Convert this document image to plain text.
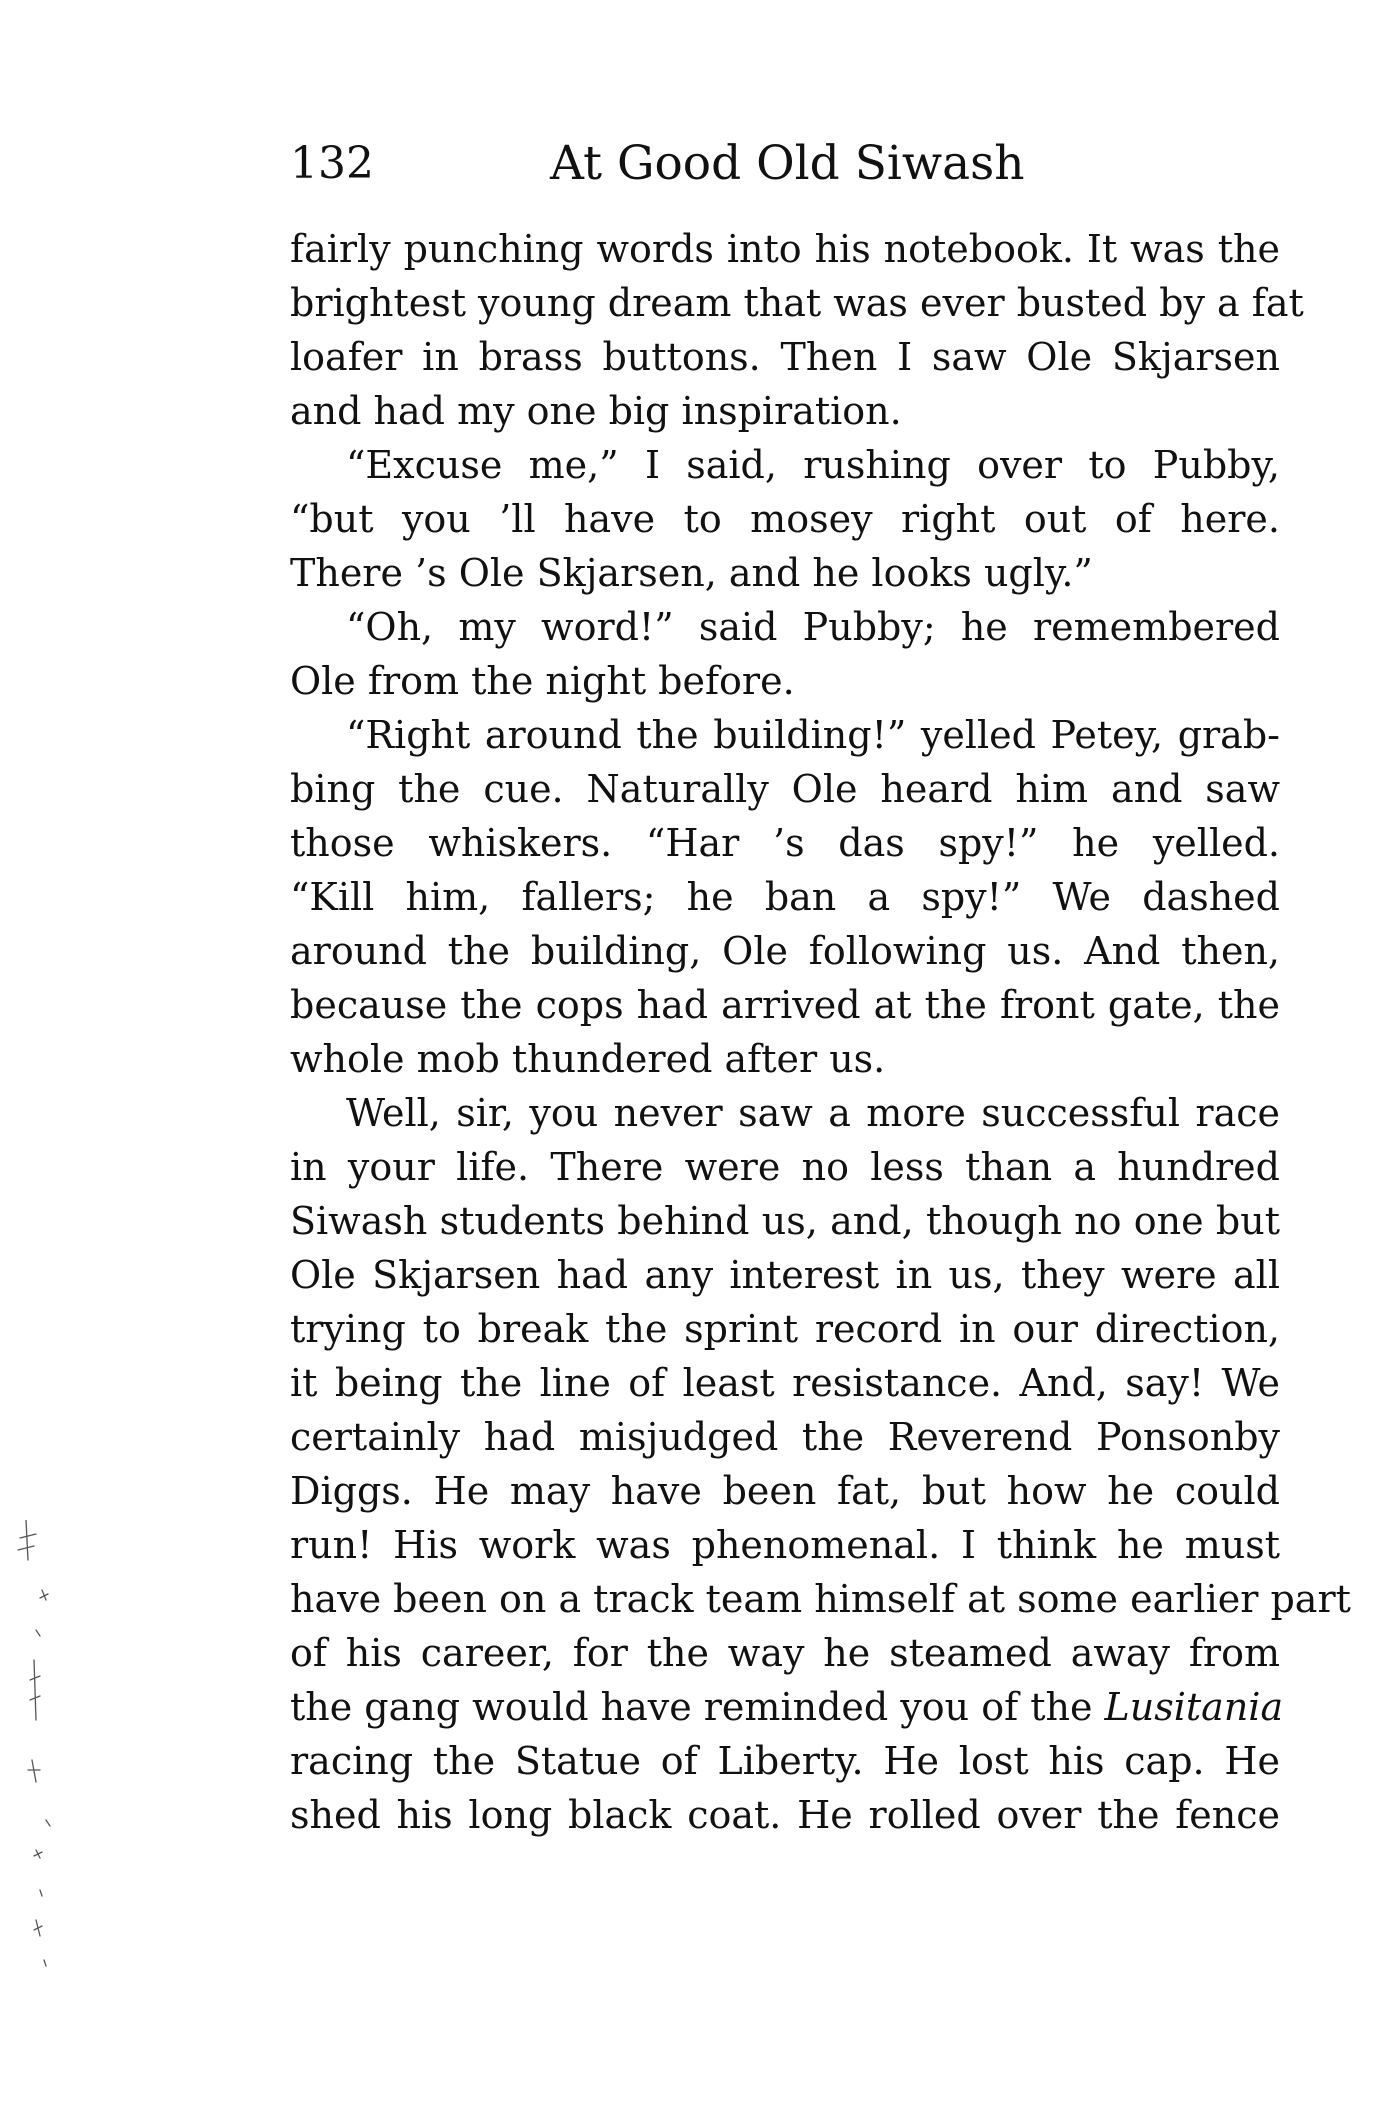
132	At Good Old Siwash
fairly punching words into his notebook. It was the
brightest young dream that was ever busted by a fat
loafer in brass buttons. Then I saw Ole Skjarsen
and had my one big inspiration.
“Excuse me,” I said, rushing over to Pubby,
“but you ’ll have to mosey right out of here.
There ’s Ole Skjarsen, and he looks ugly.”
“Oh, my word!” said Pubby; he remembered
Ole from the night before.
“Right around the building!” yelled Petey, grab-
bing the cue. Naturally Ole heard him and saw
those whiskers. “Har ’s das spy!” he yelled.
“Kill him, fallers; he ban a spy!” We dashed
around the building, Ole following us. And then,
because the cops had arrived at the front gate, the
whole mob thundered after us.
Well, sir, you never saw a more successful race
in your life. There were no less than a hundred
Siwash students behind us, and, though no one but
Ole Skjarsen had any interest in us, they were all
trying to break the sprint record in our direction,
it being the line of least resistance. And, say! We
certainly had misjudged the Reverend Ponsonby
Diggs. He may have been fat, but how he could
run! His work was phenomenal. I think he must
have been on a track team himself at some earlier part
of his career, for the way he steamed away from
the gang would have reminded you of the Lusitania
racing the Statue of Liberty. He lost his cap. He
shed his long black coat. He rolled over the fence
